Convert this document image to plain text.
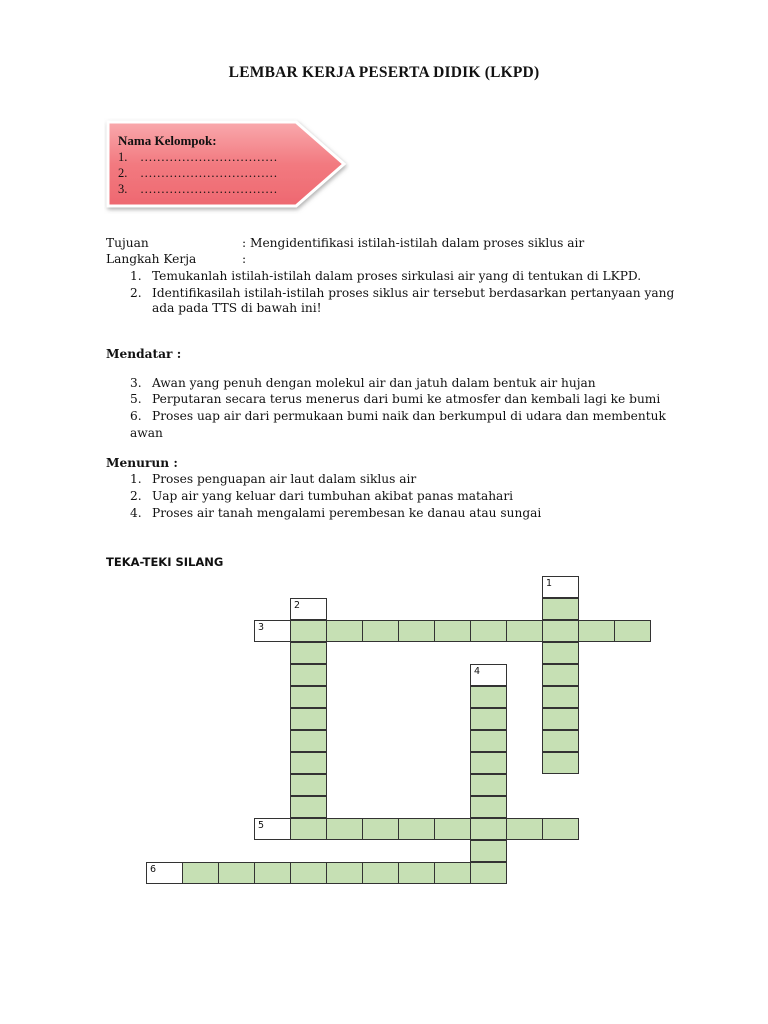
LEMBAR KERJA PESERTA DIDIK (LKPD)
Nama Kelompok:
1. ……………………………
2. ……………………………
3. ……………………………
Tujuan	: Mengidentifikasi istilah-istilah dalam proses siklus air
Langkah Kerja	:
1. Temukanlah istilah-istilah dalam proses sirkulasi air yang di tentukan di LKPD.
2. Identifikasilah istilah-istilah proses siklus air tersebut berdasarkan pertanyaan yang
ada pada TTS di bawah ini!
Mendatar :
3. Awan yang penuh dengan molekul air dan jatuh dalam bentuk air hujan
5. Perputaran secara terus menerus dari bumi ke atmosfer dan kembali lagi ke bumi
6. Proses uap air dari permukaan bumi naik dan berkumpul di udara dan membentuk
awan
Menurun :
1. Proses penguapan air laut dalam siklus air
2. Uap air yang keluar dari tumbuhan akibat panas matahari
4. Proses air tanah mengalami perembesan ke danau atau sungai
TEKA-TEKI SILANG
1
2
3
4
5
6
